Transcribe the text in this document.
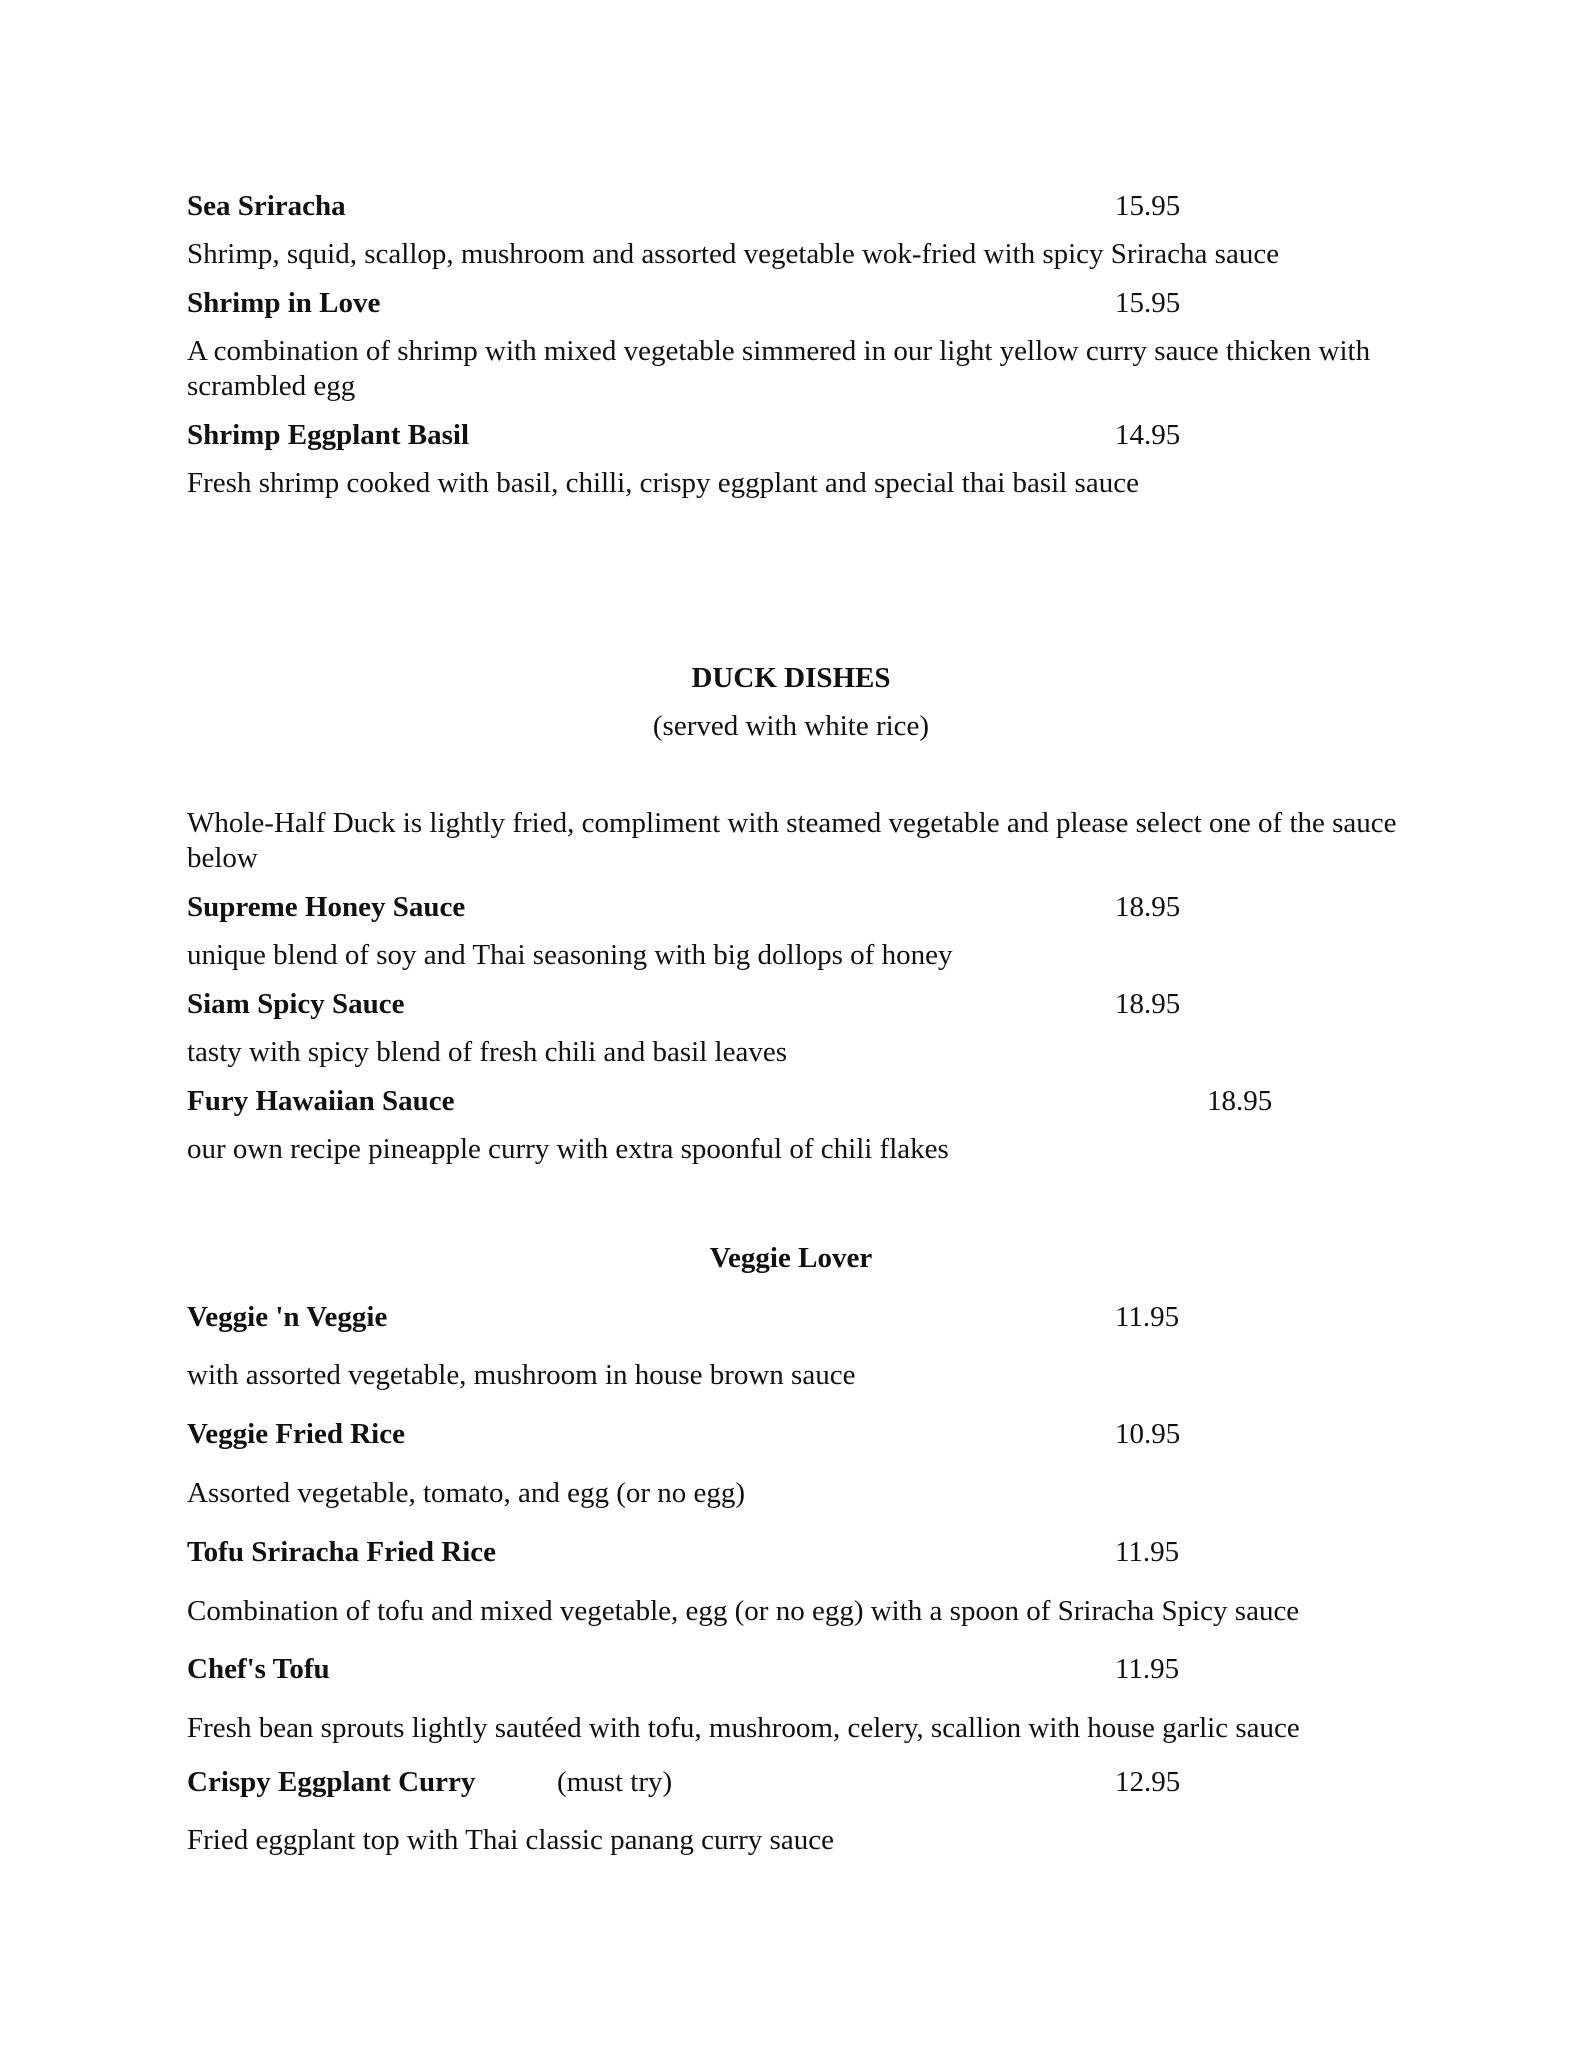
Sea Sriracha	15.95
Shrimp, squid, scallop, mushroom and assorted vegetable wok-fried with spicy Sriracha sauce
Shrimp in Love	15.95
A combination of shrimp with mixed vegetable simmered in our light yellow curry sauce thicken with scrambled egg
Shrimp Eggplant Basil	14.95
Fresh shrimp cooked with basil, chilli, crispy eggplant and special thai basil sauce
DUCK DISHES
(served with white rice)
Whole-Half Duck is lightly fried, compliment with steamed vegetable and please select one of the sauce below
Supreme Honey Sauce	18.95
unique blend of soy and Thai seasoning with big dollops of honey
Siam Spicy Sauce	18.95
tasty with spicy blend of fresh chili and basil leaves
Fury Hawaiian Sauce	18.95
our own recipe pineapple curry with extra spoonful of chili flakes
Veggie Lover
Veggie 'n Veggie	11.95
with assorted vegetable, mushroom in house brown sauce
Veggie Fried Rice	10.95
Assorted vegetable, tomato, and egg (or no egg)
Tofu Sriracha Fried Rice	11.95
Combination of tofu and mixed vegetable, egg (or no egg) with a spoon of Sriracha Spicy sauce
Chef's Tofu	11.95
Fresh bean sprouts lightly sautéed with tofu, mushroom, celery, scallion with house garlic sauce
Crispy Eggplant Curry	(must try)	12.95
Fried eggplant top with Thai classic panang curry sauce
